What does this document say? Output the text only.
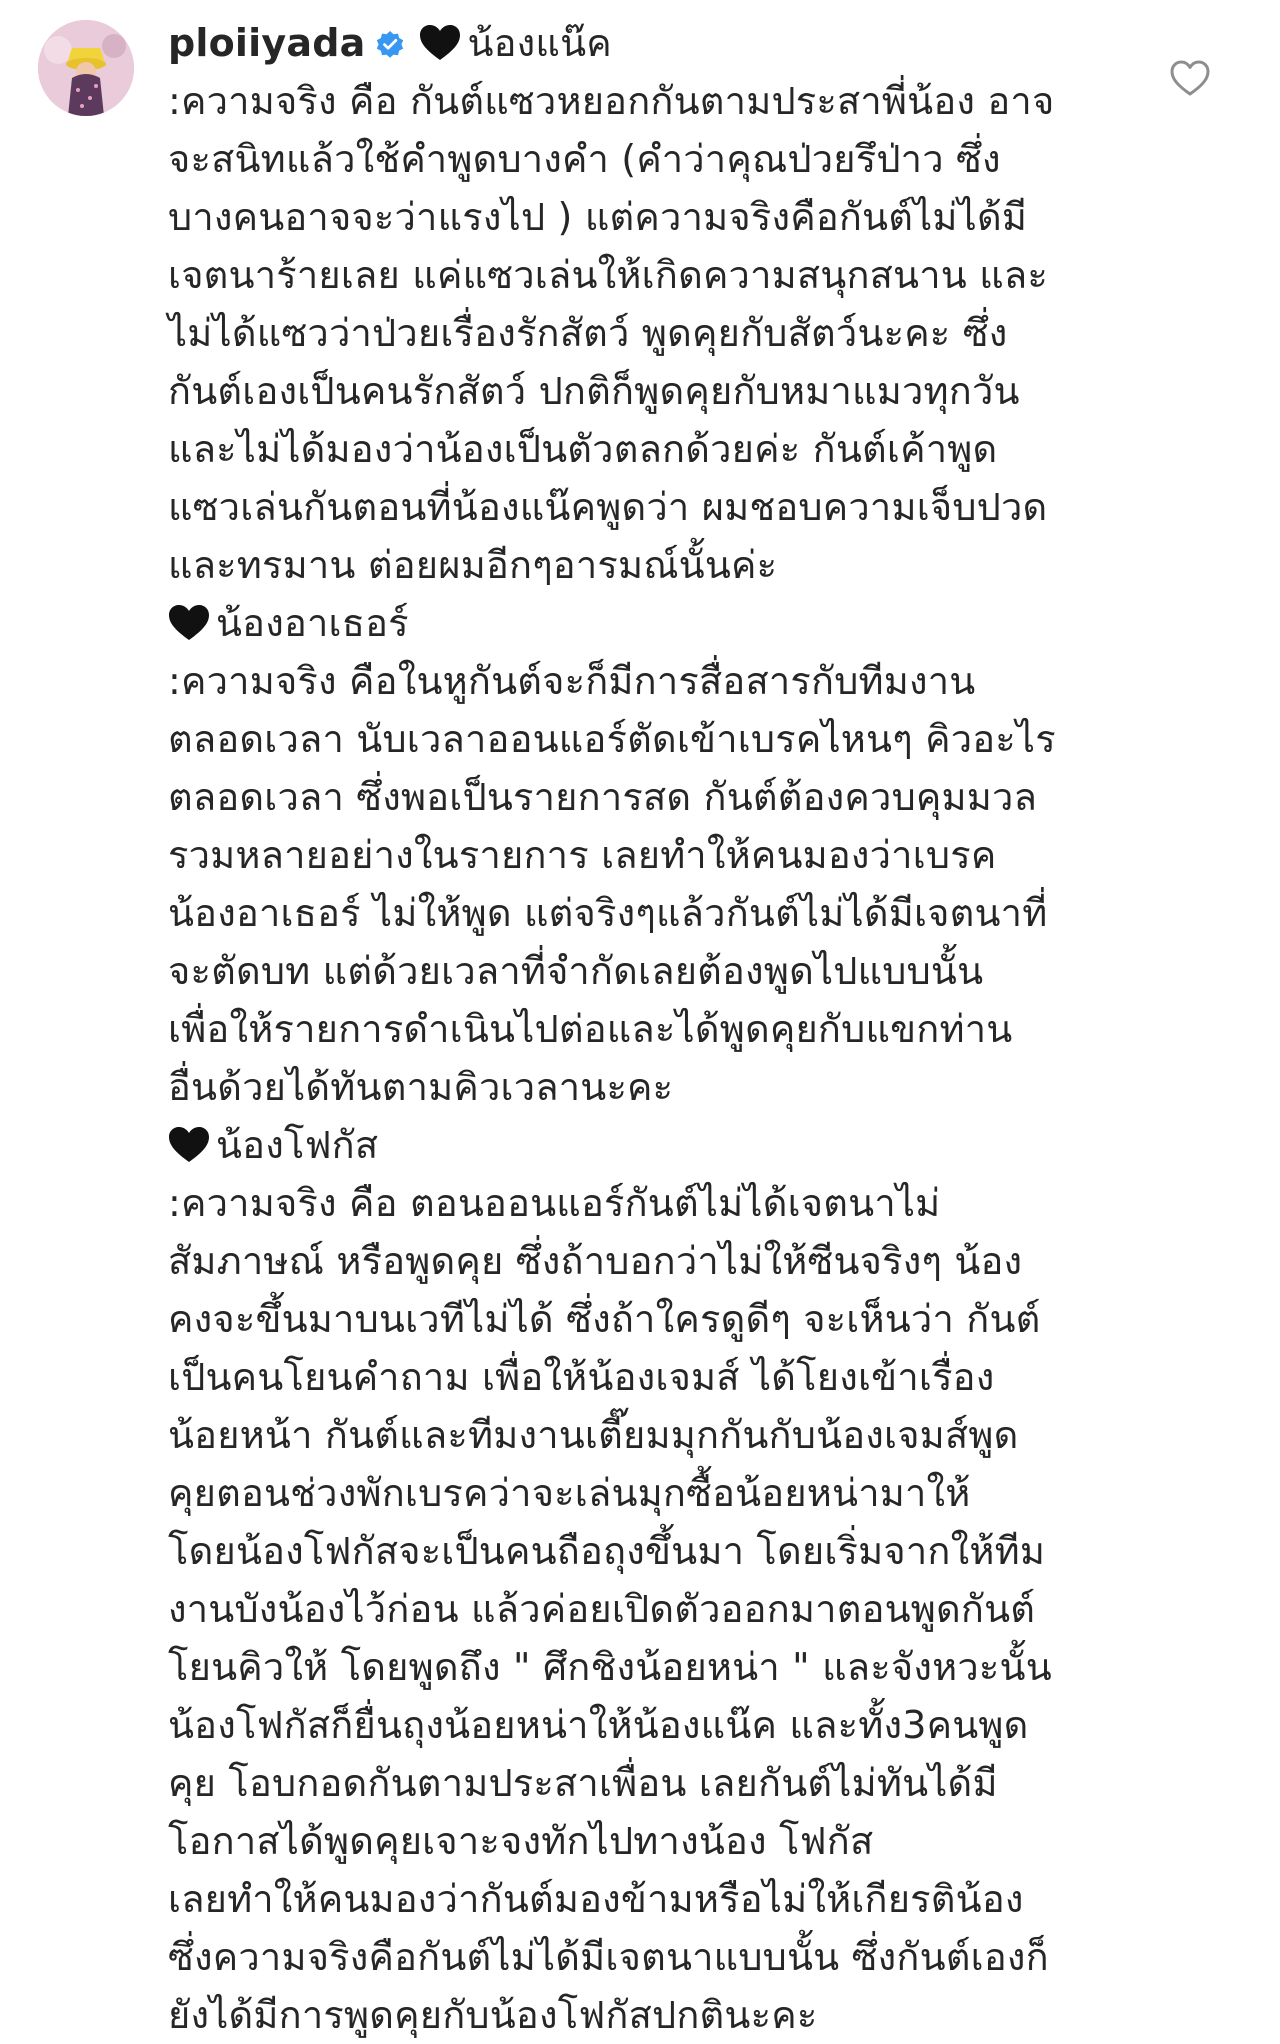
ploiiyada	น้องแน๊ค
:ความจริง คือ กันต์แซวหยอกกันตามประสาพี่น้อง อาจ
จะสนิทแล้วใช้คำพูดบางคำ (คำว่าคุณป่วยรึป่าว ซึ่ง
บางคนอาจจะว่าแรงไป ) แต่ความจริงคือกันต์ไม่ได้มี
เจตนาร้ายเลย แค่แซวเล่นให้เกิดความสนุกสนาน และ
ไม่ได้แซวว่าป่วยเรื่องรักสัตว์ พูดคุยกับสัตว์นะคะ ซึ่ง
กันต์เองเป็นคนรักสัตว์ ปกติก็พูดคุยกับหมาแมวทุกวัน
และไม่ได้มองว่าน้องเป็นตัวตลกด้วยค่ะ กันต์เค้าพูด
แซวเล่นกันตอนที่น้องแน๊คพูดว่า ผมชอบความเจ็บปวด
และทรมาน ต่อยผมอีกๆอารมณ์นั้นค่ะ
น้องอาเธอร์
:ความจริง คือในหูกันต์จะก็มีการสื่อสารกับทีมงาน
ตลอดเวลา นับเวลาออนแอร์ตัดเข้าเบรคไหนๆ คิวอะไร
ตลอดเวลา ซึ่งพอเป็นรายการสด กันต์ต้องควบคุมมวล
รวมหลายอย่างในรายการ เลยทำให้คนมองว่าเบรค
น้องอาเธอร์ ไม่ให้พูด แต่จริงๆแล้วกันต์ไม่ได้มีเจตนาที่
จะตัดบท แต่ด้วยเวลาที่จำกัดเลยต้องพูดไปแบบนั้น
เพื่อให้รายการดำเนินไปต่อและได้พูดคุยกับแขกท่าน
อื่นด้วยได้ทันตามคิวเวลานะคะ
น้องโฟกัส
:ความจริง คือ ตอนออนแอร์กันต์ไม่ได้เจตนาไม่
สัมภาษณ์ หรือพูดคุย ซึ่งถ้าบอกว่าไม่ให้ซีนจริงๆ น้อง
คงจะขึ้นมาบนเวทีไม่ได้ ซึ่งถ้าใครดูดีๆ จะเห็นว่า กันต์
เป็นคนโยนคำถาม เพื่อให้น้องเจมส์ ได้โยงเข้าเรื่อง
น้อยหน้า กันต์และทีมงานเตี๊ยมมุกกันกับน้องเจมส์พูด
คุยตอนช่วงพักเบรคว่าจะเล่นมุกซื้อน้อยหน่ามาให้
โดยน้องโฟกัสจะเป็นคนถือถุงขึ้นมา โดยเริ่มจากให้ทีม
งานบังน้องไว้ก่อน แล้วค่อยเปิดตัวออกมาตอนพูดกันต์
โยนคิวให้ โดยพูดถึง " ศึกชิงน้อยหน่า " และจังหวะนั้น
น้องโฟกัสก็ยื่นถุงน้อยหน่าให้น้องแน๊ค และทั้ง3คนพูด
คุย โอบกอดกันตามประสาเพื่อน เลยกันต์ไม่ทันได้มี
โอกาสได้พูดคุยเจาะจงทักไปทางน้อง โฟกัส
เลยทำให้คนมองว่ากันต์มองข้ามหรือไม่ให้เกียรติน้อง
ซึ่งความจริงคือกันต์ไม่ได้มีเจตนาแบบนั้น ซึ่งกันต์เองก็
ยังได้มีการพูดคุยกับน้องโฟกัสปกตินะคะ
